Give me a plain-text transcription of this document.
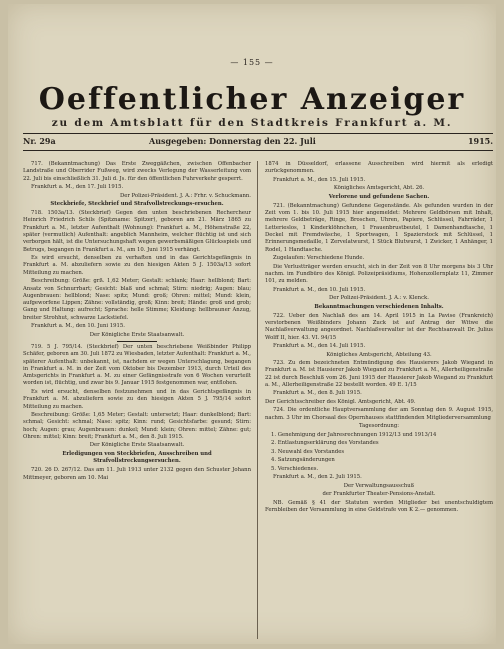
— 155 —
Oeffentlicher Anzeiger
zu dem Amtsblatt für den Stadtkreis Frankfurt a. M.
Nr. 29a	Ausgegeben: Donnerstag den 22. Juli	1915.

717. (Bekanntmachung) Das Erste Zweggäßchen, zwischen Offenbacher Landstraße und Oberrider Fußweg, wird zwecks Verlegung der Wasserleitung vom 22. Juli bis einschließlich 31. Juli d. Js. für den öffentlichen Fuhrverkehr gesperrt.

Frankfurt a. M., den 17. Juli 1915.

Der Polizei-Präsident. J. A.: Frhr. v. Schuckmann.

Steckbriefe, Steckbrief und Strafvollstreckungs-ersuchen.

718. 1503a/13. (Steckbrief) Gegen den unten beschriebenen Rechercheur Heinrich Friedrich Schils (Spitzname: Spitzer), geboren am 21. März 1865 zu Frankfurt a. M., letzter Aufenthalt (Wohnung): Frankfurt a. M., Höhenstraße 22, später (vermutlich) Aufenthalt: angeblich Mannheim, welcher flüchtig ist und sich verborgen hält, ist die Untersuchungshaft wegen gewerbsmäßigen Glücksspiels und Betrugs, begangen in Frankfurt a. M., am 10. Juni 1915 verhängt.

Es wird ersucht, denselben zu verhaften und in das Gerichtsgefängnis in Frankfurt a. M. abzuliefern sowie zu den hiesigen Akten 5 J. 1503a/13 sofort Mitteilung zu machen.

Beschreibung: Größe: grß. 1,62 Meter; Gestalt: schlank; Haar: hellblond; Bart: Ansatz von Schnurrbart; Gesicht: blaß und schmal; Stirn: niedrig; Augen: blau; Augenbrauen: hellblond; Nase: spitz; Mund: groß; Ohren: mittel; Mund: klein, aufgeworfene Lippen; Zähne: vollständig, groß; Kinn: breit; Hände: groß und grob; Gang und Haltung: aufrecht; Sprache: helle Stimme; Kleidung: hellbrauner Anzug, breiter Strohhut, schwarze Lackstiefel.

Frankfurt a. M., den 10. Juni 1915.

Der Königliche Erste Staatsanwalt.

719. 5 J. 795/14. (Steckbrief) Der unten beschriebene Weißbinder Philipp Schäfer, geboren am 30. Juli 1872 zu Wiesbaden, letzter Aufenthalt: Frankfurt a. M., späterer Aufenthalt: unbekannt, ist, nachdem er wegen Unterschlagung, begangen in Frankfurt a. M. in der Zeit vom Oktober bis Dezember 1913, durch Urteil des Amtsgerichts in Frankfurt a. M. zu einer Gefängnisstrafe von 6 Wochen verurteilt worden ist, flüchtig, und zwar bis 9. Januar 1915 festgenommen war, entflohen.

Es wird ersucht, denselben festzunehmen und in das Gerichtsgefängnis in Frankfurt a. M. abzuliefern sowie zu den hiesigen Akten 5 J. 795/14 sofort Mitteilung zu machen.

Beschreibung: Größe: 1,65 Meter; Gestalt: untersetzt; Haar: dunkelblond; Bart: schmal; Gesicht: schmal; Nase: spitz; Kinn: rund; Gesichtsfarbe: gesund; Stirn: hoch; Augen: grau; Augenbrauen: dunkel; Mund: klein; Ohren: mittel; Zähne: gut; Ohren: mittel; Kinn: breit; Frankfurt a. M., den 8. Juli 1915.

Der Königliche Erste Staatsanwalt.

Erledigungen von Steckbriefen, Ausschreiben und Strafvollstreckungsersuchen.

720. 26 D. 267/12. Das am 11. Juli 1913 unter 2132 gegen den Schuster Johann Mittmeyer, geboren am 10. Mai

1874 in Düsseldorf, erlassene Ausschreiben wird hiermit als erledigt zurückgenommen.

Frankfurt a. M., den 15. Juli 1915.

Königliches Amtsgericht, Abt. 26.

Verlorene und gefundene Sachen.

721. (Bekanntmachung) Gefundene Gegenstände. Als gefunden wurden in der Zeit vom 1. bis 10. Juli 1915 hier angemeldet: Mehrere Geldbörsen mit Inhalt, mehrere Geldbeträge, Ringe, Broschen, Uhren, Papiere, Schlüssel, Fahrräder, 1 Letterieslos, 1 Kinderklöhnchen, 1 Frauenbrustbeutel, 1 Damenhandtasche, 1 Deckel mit Fremdwäsche, 1 Sportwagen, 1 Spazierstock mit Schlüssel, 1 Erinnerungsmedaille, 1 Zervelatwurst, 1 Stück Blutwurst, 1 Zwicker, 1 Anhänger, 1 Rodel, 1 Handtasche.

Zugelaufen: Verschiedene Hunde.

Die Verlustträger werden ersucht, sich in der Zeit von 8 Uhr morgens bis 3 Uhr nachm. im Fundbüro des Königl. Polizeipräsidiums, Hohenzollernplatz 11, Zimmer 101, zu melden.

Frankfurt a. M., den 10. Juli 1915.

Der Polizei-Präsident. J. A.: v. Klenck.

Bekanntmachungen verschiedenen Inhalts.

722. Ueber den Nachlaß des am 14. April 1915 in La Pavise (Frankreich) verstorbenen Weißbinders Johann Zuck ist auf Antrag der Witwe die Nachlaßverwaltung angeordnet. Nachlaßverwalter ist der Rechtsanwalt Dr. Julius Wolff II, hier. 43. VI. 94/15

Frankfurt a. M., den 14. Juli 1915.

Königliches Amtsgericht, Abteilung 43.

723. Zu dem bezeichneten Entmündigung des Hausierers Jakob Wiegand in Frankfurt a. M. ist Hausierer Jakob Wiegand zu Frankfurt a. M., Allerheiligenstraße 22 ist durch Beschluß vom 26. Juni 1915 der Hausierer Jakob Wiegand zu Frankfurt a. M., Allerheiligenstraße 22 bestellt worden. 49 E. 1/15

Frankfurt a. M., den 8. Juli 1915.

Der Gerichtsschreiber des Königl. Amtsgericht, Abt. 49.

724. Die ordentliche Hauptversammlung der am Sonntag den 9. August 1915, nachm. 3 Uhr im Chorsaal des Opernhauses stattfindenden Mitgliederversammlung

Tagesordnung:

1. Genehmigung der Jahresrechnungen 1912/13 und 1913/14

2. Entlastungserklärung des Vorstandes

3. Neuwahl des Vorstandes

4. Satzungsänderungen

5. Verschiedenes.

Frankfurt a. M., den 2. Juli 1915.

Der Verwaltungsausschuß

der Frankfurter Theater-Pensions-Anstalt.

NB. Gemäß § 41 der Statuten werden Mitglieder bei unentschuldigtem Fernbleiben der Versammlung in eine Geldstrafe von K 2.— genommen.
